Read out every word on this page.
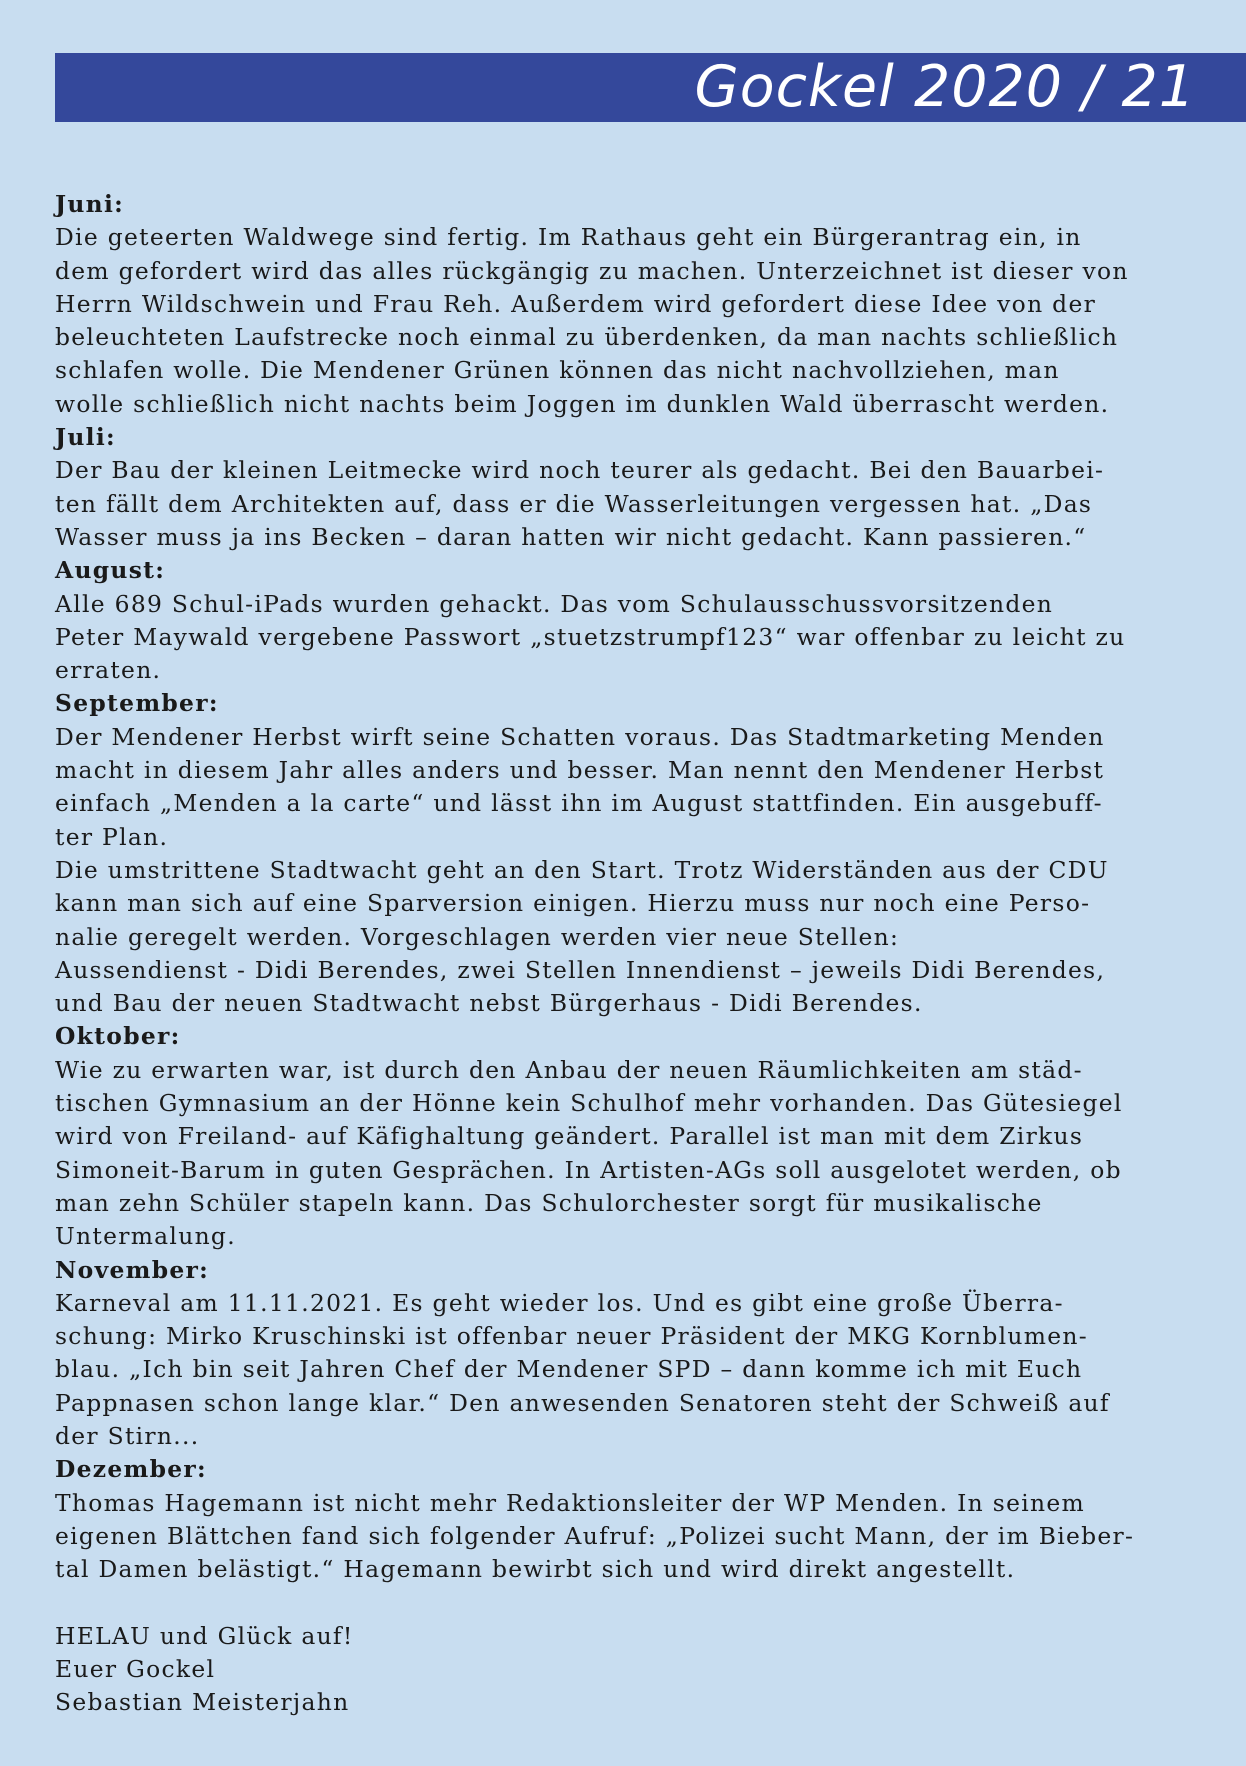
Gockel 2020 / 21

Juni:

Die geteerten Waldwege sind fertig. Im Rathaus geht ein Bürgerantrag ein, in

dem gefordert wird das alles rückgängig zu machen. Unterzeichnet ist dieser von

Herrn Wildschwein und Frau Reh. Außerdem wird gefordert diese Idee von der

beleuchteten Laufstrecke noch einmal zu überdenken, da man nachts schließlich

schlafen wolle. Die Mendener Grünen können das nicht nachvollziehen, man

wolle schließlich nicht nachts beim Joggen im dunklen Wald überrascht werden.

Juli:

Der Bau der kleinen Leitmecke wird noch teurer als gedacht. Bei den Bauarbei-

ten fällt dem Architekten auf, dass er die Wasserleitungen vergessen hat. „Das

Wasser muss ja ins Becken – daran hatten wir nicht gedacht. Kann passieren.“

August:

Alle 689 Schul-iPads wurden gehackt. Das vom Schulausschussvorsitzenden

Peter Maywald vergebene Passwort „stuetzstrumpf123“ war offenbar zu leicht zu

erraten.

September:

Der Mendener Herbst wirft seine Schatten voraus. Das Stadtmarketing Menden

macht in diesem Jahr alles anders und besser. Man nennt den Mendener Herbst

einfach „Menden a la carte“ und lässt ihn im August stattfinden. Ein ausgebuff-

ter Plan.

Die umstrittene Stadtwacht geht an den Start. Trotz Widerständen aus der CDU

kann man sich auf eine Sparversion einigen. Hierzu muss nur noch eine Perso-

nalie geregelt werden. Vorgeschlagen werden vier neue Stellen:

Aussendienst - Didi Berendes, zwei Stellen Innendienst – jeweils Didi Berendes,

und Bau der neuen Stadtwacht nebst Bürgerhaus - Didi Berendes.

Oktober:

Wie zu erwarten war, ist durch den Anbau der neuen Räumlichkeiten am städ-

tischen Gymnasium an der Hönne kein Schulhof mehr vorhanden. Das Gütesiegel

wird von Freiland- auf Käfighaltung geändert. Parallel ist man mit dem Zirkus

Simoneit-Barum in guten Gesprächen. In Artisten-AGs soll ausgelotet werden, ob

man zehn Schüler stapeln kann. Das Schulorchester sorgt für musikalische

Untermalung.

November:

Karneval am 11.11.2021. Es geht wieder los. Und es gibt eine große Überra-

schung: Mirko Kruschinski ist offenbar neuer Präsident der MKG Kornblumen-

blau. „Ich bin seit Jahren Chef der Mendener SPD – dann komme ich mit Euch

Pappnasen schon lange klar.“ Den anwesenden Senatoren steht der Schweiß auf

der Stirn...

Dezember:

Thomas Hagemann ist nicht mehr Redaktionsleiter der WP Menden. In seinem

eigenen Blättchen fand sich folgender Aufruf: „Polizei sucht Mann, der im Bieber-

tal Damen belästigt.“ Hagemann bewirbt sich und wird direkt angestellt.

HELAU und Glück auf!

Euer Gockel

Sebastian Meisterjahn
